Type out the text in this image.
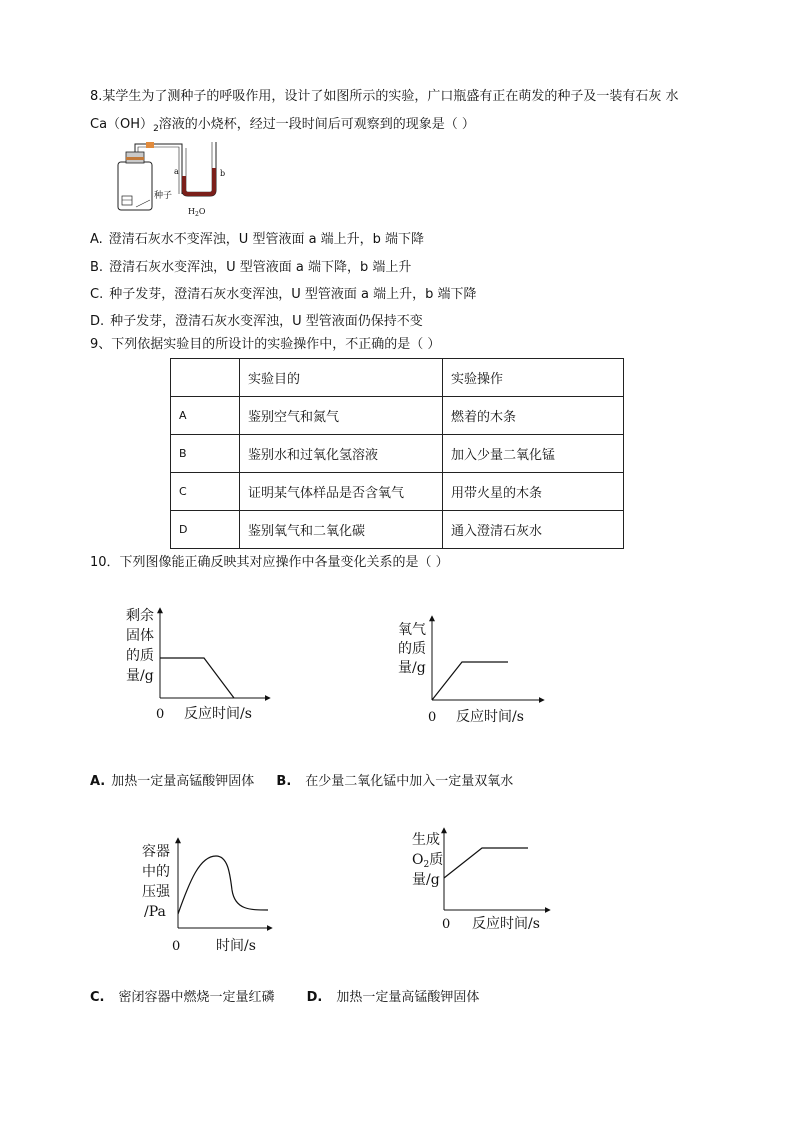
8.某学生为了测种子的呼吸作用，设计了如图所示的实验，广口瓶盛有正在萌发的种子及一装有石灰 水
$Ca(OH)_2$溶液的小烧杯，经过一段时间后可观察到的现象是（ ）
种子
a	b
$H_2O$
A. 澄清石灰水不变浑浊，U 型管液面 a 端上升，b 端下降
B. 澄清石灰水变浑浊，U 型管液面 a 端下降，b 端上升
C. 种子发芽，澄清石灰水变浑浊，U 型管液面 a 端上升，b 端下降
D. 种子发芽，澄清石灰水变浑浊，U 型管液面仍保持不变
9、下列依据实验目的所设计的实验操作中，不正确的是（ ）
	实验目的	实验操作
A	鉴别空气和氮气	燃着的木条
B	鉴别水和过氧化氢溶液	加入少量二氧化锰
C	证明某气体样品是否含氧气	用带火星的木条
D	鉴别氧气和二氧化碳	通入澄清石灰水
10．下列图像能正确反映其对应操作中各量变化关系的是（ ）
剩余
固体
的质
量/g
0 反应时间/s
氧气
的质
量/g
0 反应时间/s
A. 加热一定量高锰酸钾固体 B. 在少量二氧化锰中加入一定量双氧水
容器
中的
压强
/Pa
0	时间/s
生成
$O_2$质
量/g
0 反应时间/s
C. 密闭容器中燃烧一定量红磷 D. 加热一定量高锰酸钾固体
